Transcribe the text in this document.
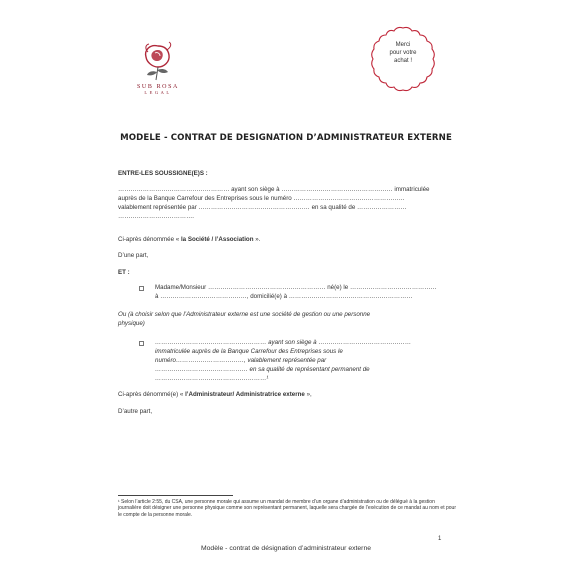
SUB ROSA
LEGAL
Merci
pour votre
achat !
MODELE - CONTRAT DE DESIGNATION D’ADMINISTRATEUR EXTERNE
ENTRE-LES SOUSSIGNE(E)S :
……………………………………………… ayant son siège à ……………………………………………… immatriculée
auprès de la Banque Carrefour des Entreprises sous le numéro ………………………………………………
valablement représentée par ……………………………………………… en sa qualité de ……………………
……………………………….
Ci-après dénommée « la Société / l’Association ».
D’une part,
ET :
Madame/Monsieur ………………………………………………… né(e) le ……………………………………
à ……………………………………, domicilié(e) à ……………………………………………………
Ou (à choisir selon que l’Administrateur externe est une société de gestion ou une personne
physique)
……………………………………………… ayant son siège à ………………………………………
immatriculée auprès de la Banque Carrefour des Entreprises sous le
numéro……………………………, valablement représentée par
……………………………………… en sa qualité de représentant permanent de
………………………………………………¹
Ci-après dénommé(e) « l’Administrateur/ Administratrice externe »,
D’autre part,
¹ Selon l’article 2:55, du CSA, une personne morale qui assume un mandat de membre d’un organe d’administration ou de délégué à la gestion journalière doit désigner une personne physique comme son représentant permanent, laquelle sera chargée de l’exécution de ce mandat au nom et pour le compte de la personne morale.
1
Modèle - contrat de désignation d’administrateur externe
